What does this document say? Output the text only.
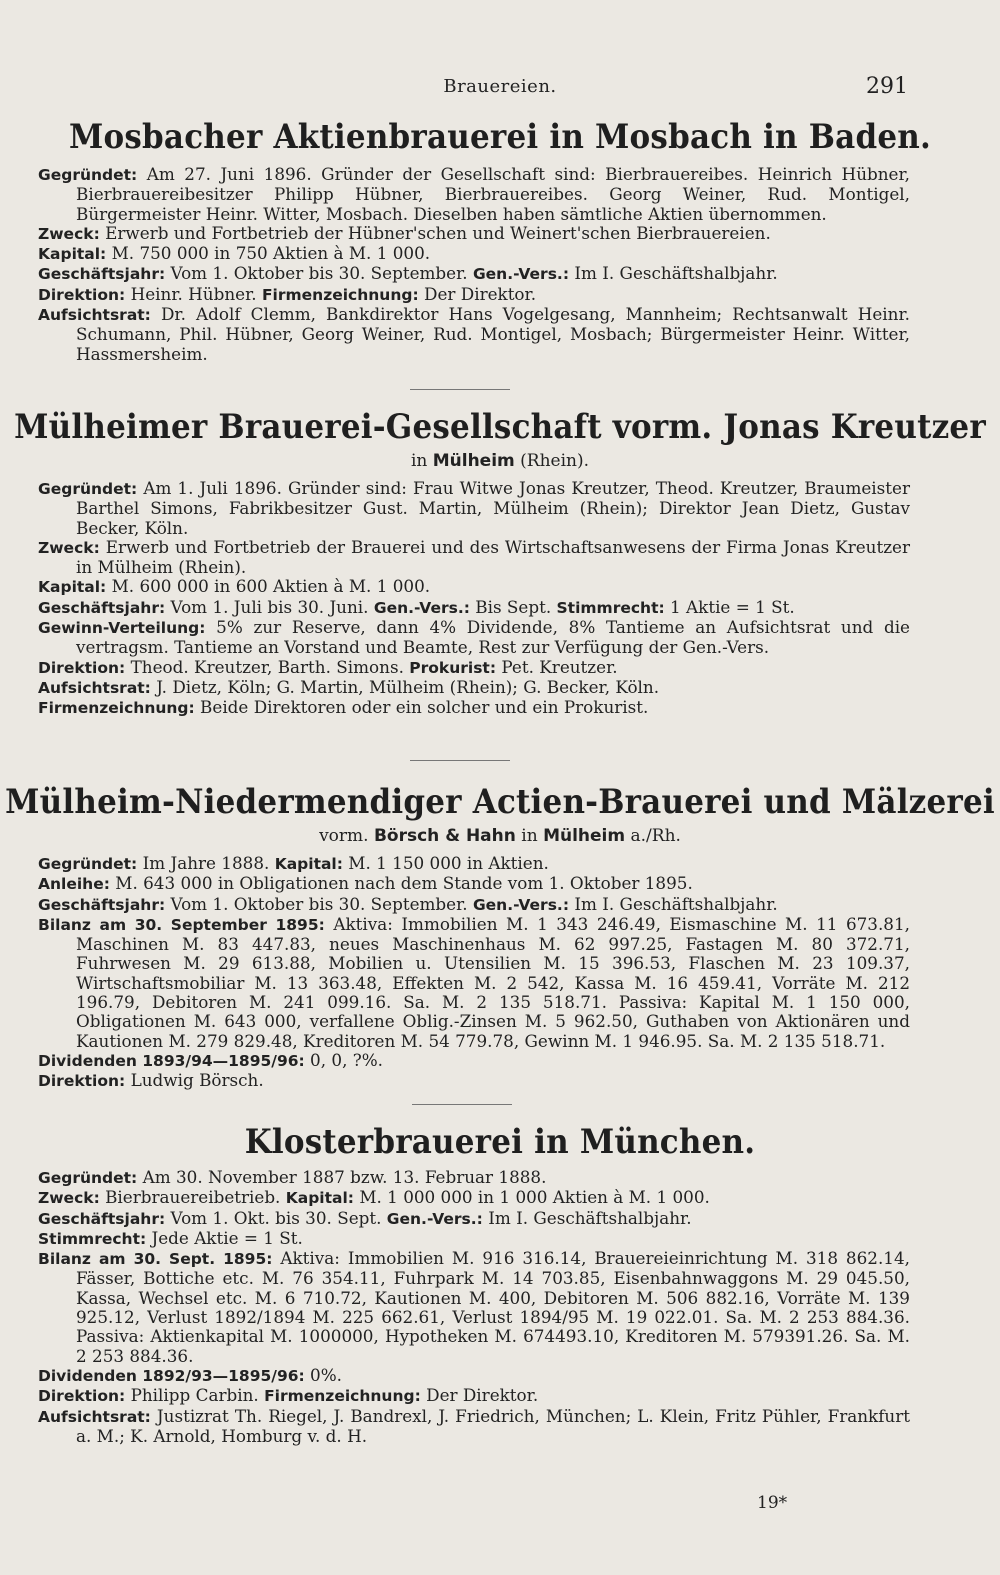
Brauereien.	291
Mosbacher Aktienbrauerei in Mosbach in Baden.

Gegründet: Am 27. Juni 1896. Gründer der Gesellschaft sind: Bierbrauereibes. Heinrich Hübner, Bierbrauereibesitzer Philipp Hübner, Bierbrauereibes. Georg Weiner, Rud. Montigel, Bürgermeister Heinr. Witter, Mosbach. Dieselben haben sämtliche Aktien übernommen.

Zweck: Erwerb und Fortbetrieb der Hübner'schen und Weinert'schen Bierbrauereien.

Kapital: M. 750 000 in 750 Aktien à M. 1 000.

Geschäftsjahr: Vom 1. Oktober bis 30. September. Gen.-Vers.: Im I. Geschäftshalbjahr.

Direktion: Heinr. Hübner. Firmenzeichnung: Der Direktor.

Aufsichtsrat: Dr. Adolf Clemm, Bankdirektor Hans Vogelgesang, Mannheim; Rechtsanwalt Heinr. Schumann, Phil. Hübner, Georg Weiner, Rud. Montigel, Mosbach; Bürgermeister Heinr. Witter, Hassmersheim.

Mülheimer Brauerei-Gesellschaft vorm. Jonas Kreutzer
in Mülheim (Rhein).

Gegründet: Am 1. Juli 1896. Gründer sind: Frau Witwe Jonas Kreutzer, Theod. Kreutzer, Braumeister Barthel Simons, Fabrikbesitzer Gust. Martin, Mülheim (Rhein); Direktor Jean Dietz, Gustav Becker, Köln.

Zweck: Erwerb und Fortbetrieb der Brauerei und des Wirtschaftsanwesens der Firma Jonas Kreutzer in Mülheim (Rhein).

Kapital: M. 600 000 in 600 Aktien à M. 1 000.

Geschäftsjahr: Vom 1. Juli bis 30. Juni. Gen.-Vers.: Bis Sept. Stimmrecht: 1 Aktie = 1 St.

Gewinn-Verteilung: 5% zur Reserve, dann 4% Dividende, 8% Tantieme an Aufsichtsrat und die vertragsm. Tantieme an Vorstand und Beamte, Rest zur Verfügung der Gen.-Vers.

Direktion: Theod. Kreutzer, Barth. Simons. Prokurist: Pet. Kreutzer.

Aufsichtsrat: J. Dietz, Köln; G. Martin, Mülheim (Rhein); G. Becker, Köln.

Firmenzeichnung: Beide Direktoren oder ein solcher und ein Prokurist.

Mülheim-Niedermendiger Actien-Brauerei und Mälzerei
vorm. Börsch & Hahn in Mülheim a./Rh.

Gegründet: Im Jahre 1888. Kapital: M. 1 150 000 in Aktien.

Anleihe: M. 643 000 in Obligationen nach dem Stande vom 1. Oktober 1895.

Geschäftsjahr: Vom 1. Oktober bis 30. September. Gen.-Vers.: Im I. Geschäftshalbjahr.

Bilanz am 30. September 1895: Aktiva: Immobilien M. 1 343 246.49, Eismaschine M. 11 673.81, Maschinen M. 83 447.83, neues Maschinenhaus M. 62 997.25, Fastagen M. 80 372.71, Fuhrwesen M. 29 613.88, Mobilien u. Utensilien M. 15 396.53, Flaschen M. 23 109.37, Wirtschaftsmobiliar M. 13 363.48, Effekten M. 2 542, Kassa M. 16 459.41, Vorräte M. 212 196.79, Debitoren M. 241 099.16. Sa. M. 2 135 518.71. Passiva: Kapital M. 1 150 000, Obligationen M. 643 000, verfallene Oblig.-Zinsen M. 5 962.50, Guthaben von Aktionären und Kautionen M. 279 829.48, Kreditoren M. 54 779.78, Gewinn M. 1 946.95. Sa. M. 2 135 518.71.

Dividenden 1893/94—1895/96: 0, 0, ?%.

Direktion: Ludwig Börsch.

Klosterbrauerei in München.

Gegründet: Am 30. November 1887 bzw. 13. Februar 1888.

Zweck: Bierbrauereibetrieb. Kapital: M. 1 000 000 in 1 000 Aktien à M. 1 000.

Geschäftsjahr: Vom 1. Okt. bis 30. Sept. Gen.-Vers.: Im I. Geschäftshalbjahr.

Stimmrecht: Jede Aktie = 1 St.

Bilanz am 30. Sept. 1895: Aktiva: Immobilien M. 916 316.14, Brauereieinrichtung M. 318 862.14, Fässer, Bottiche etc. M. 76 354.11, Fuhrpark M. 14 703.85, Eisenbahnwaggons M. 29 045.50, Kassa, Wechsel etc. M. 6 710.72, Kautionen M. 400, Debitoren M. 506 882.16, Vorräte M. 139 925.12, Verlust 1892/1894 M. 225 662.61, Verlust 1894/95 M. 19 022.01. Sa. M. 2 253 884.36. Passiva: Aktienkapital M. 1000000, Hypotheken M. 674493.10, Kreditoren M. 579391.26. Sa. M. 2 253 884.36.

Dividenden 1892/93—1895/96: 0%.

Direktion: Philipp Carbin. Firmenzeichnung: Der Direktor.

Aufsichtsrat: Justizrat Th. Riegel, J. Bandrexl, J. Friedrich, München; L. Klein, Fritz Pühler, Frankfurt a. M.; K. Arnold, Homburg v. d. H.

19*
